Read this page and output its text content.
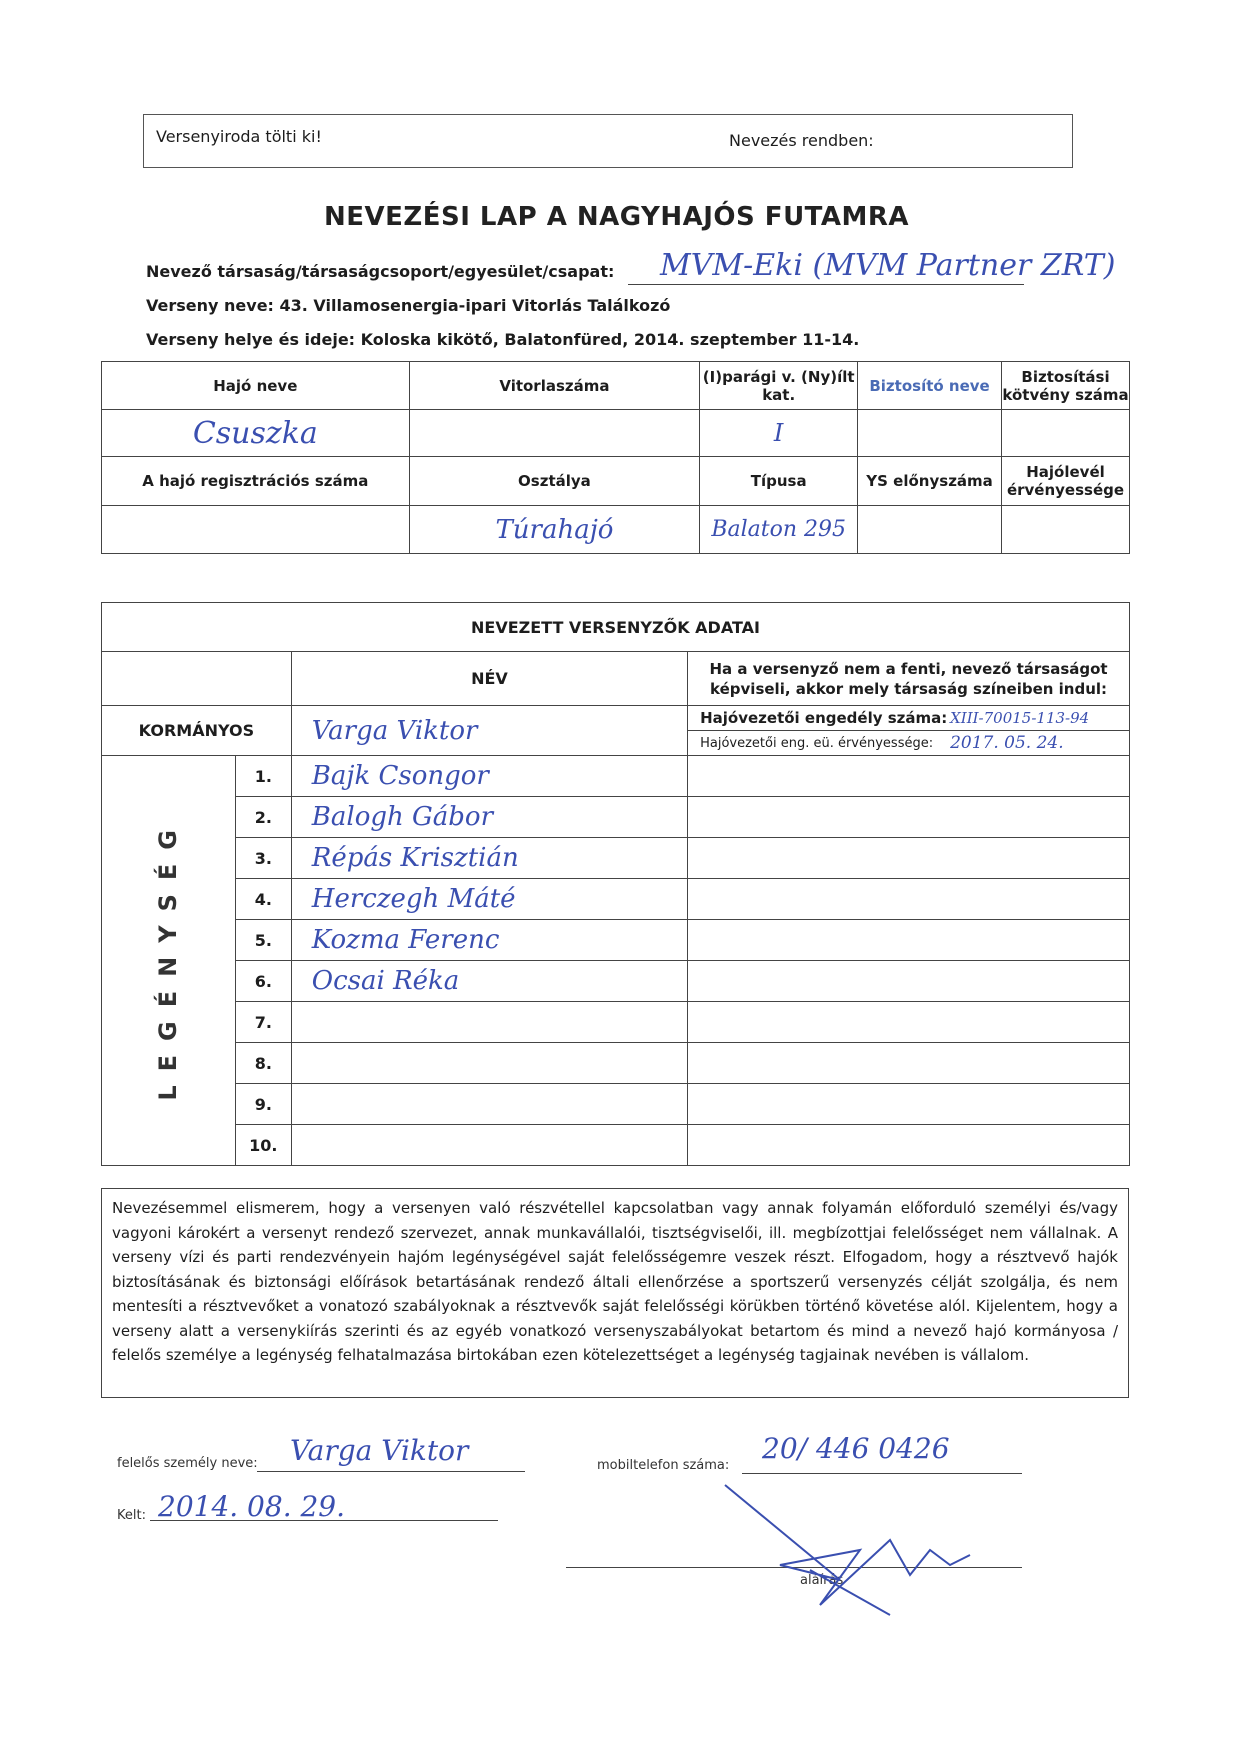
Versenyiroda tölti ki!	Nevezés rendben:
NEVEZÉSI LAP A NAGYHAJÓS FUTAMRA
Nevező társaság/társaságcsoport/egyesület/csapat: MVM-Eki (MVM Partner ZRT)
Verseny neve: 43. Villamosenergia-ipari Vitorlás Találkozó
Verseny helye és ideje: Koloska kikötő, Balatonfüred, 2014. szeptember 11-14.
Hajó neve	Vitorlaszáma	(I)parági v. (Ny)ílt kat.	Biztosító neve	Biztosítási kötvény száma
Csuszka		I		
A hajó regisztrációs száma	Osztálya	Típusa	YS előnyszáma	Hajólevél érvényessége
	Túrahajó	Balaton 295		
NEVEZETT VERSENYZŐK ADATAI			
		NÉV	Ha a versenyző nem a fenti, nevező társaságot képviseli, akkor mely társaság színeiben indul:
KORMÁNYOS		Varga Viktor	Hajóvezetői engedély száma: XIII-70015-113-94
Hajóvezetői eng. eü. érvényessége: 2017. 05. 24.

LEGÉNYSÉG	1.	Bajk Csongor	
	2.	Balogh Gábor	
	3.	Répás Krisztián	
	4.	Herczegh Máté	
	5.	Kozma Ferenc	
	6.	Ocsai Réka	
	7.		
	8.		
	9.		
	10.		
Nevezésemmel elismerem, hogy a versenyen való részvétellel kapcsolatban vagy annak folyamán előforduló személyi és/vagy vagyoni károkért a versenyt rendező szervezet, annak munkavállalói, tisztségviselői, ill. megbízottjai felelősséget nem vállalnak. A verseny vízi és parti rendezvényein hajóm legénységével saját felelősségemre veszek részt. Elfogadom, hogy a résztvevő hajók biztosításának és biztonsági előírások betartásának rendező általi ellenőrzése a sportszerű versenyzés célját szolgálja, és nem mentesíti a résztvevőket a vonatozó szabályoknak a résztvevők saját felelősségi körükben történő követése alól. Kijelentem, hogy a verseny alatt a versenykiírás szerinti és az egyéb vonatkozó versenyszabályokat betartom és mind a nevező hajó kormányosa / felelős személye a legénység felhatalmazása birtokában ezen kötelezettséget a legénység tagjainak nevében is vállalom.
felelős személy neve: Varga Viktor	mobiltelefon száma:
20/ 446 0426
Kelt: 2014. 08. 29.
aláírás
